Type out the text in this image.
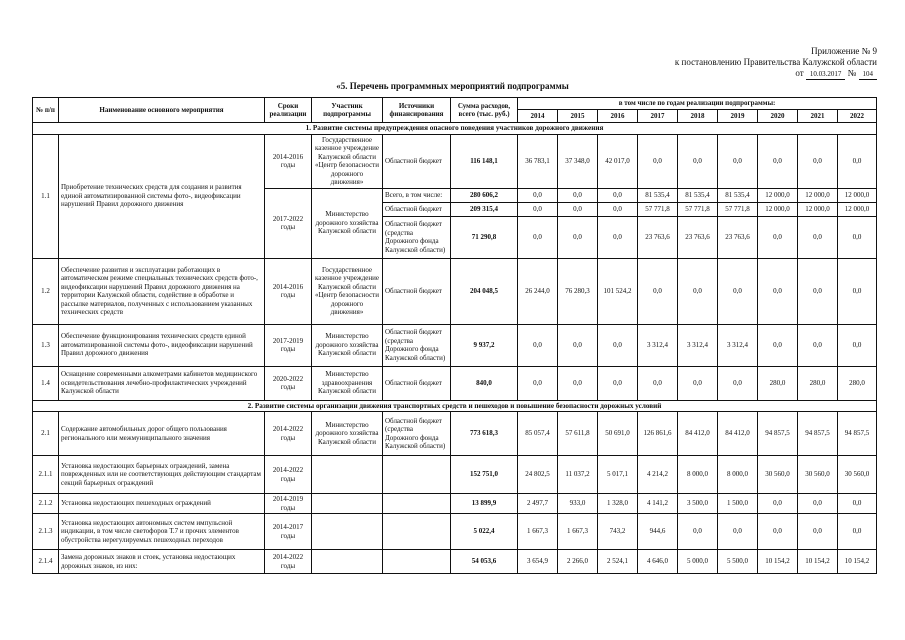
Приложение № 9
к постановлению Правительства Калужской области
от 10.03.2017 № 104
«5. Перечень программных мероприятий подпрограммы
№ п/п	Наименование основного мероприятия	Сроки реализации	Участник подпрограммы	Источники финансирования	Сумма расходов, всего (тыс. руб.)	в том числе по годам реализации подпрограммы:								
						2014	2015	2016	2017	2018	2019	2020	2021	2022
1. Развитие системы предупреждения опасного поведения участников дорожного движения														
1.1	Приобретение технических средств для создания и развития единой автоматизированной системы фото-, видеофиксации нарушений Правил дорожного движения	2014-2016 годы	Государственное казенное учреждение Калужской области «Центр безопасности дорожного движения»	Областной бюджет	116 148,1	36 783,1	37 348,0	42 017,0	0,0	0,0	0,0	0,0	0,0	0,0
		2017-2022 годы	Министерство дорожного хозяйства Калужской области	Всего, в том числе:	280 606,2	0,0	0,0	0,0	81 535,4	81 535,4	81 535,4	12 000,0	12 000,0	12 000,0
				Областной бюджет	209 315,4	0,0	0,0	0,0	57 771,8	57 771,8	57 771,8	12 000,0	12 000,0	12 000,0
				Областной бюджет (средства Дорожного фонда Калужской области)	71 290,8	0,0	0,0	0,0	23 763,6	23 763,6	23 763,6	0,0	0,0	0,0
1.2	Обеспечение развития и эксплуатации работающих в автоматическом режиме специальных технических средств фото-, видеофиксации нарушений Правил дорожного движения на территории Калужской области, содействие в обработке и рассылке материалов, полученных с использованием указанных технических средств	2014-2016 годы	Государственное казенное учреждение Калужской области «Центр безопасности дорожного движения»	Областной бюджет	204 048,5	26 244,0	76 280,3	101 524,2	0,0	0,0	0,0	0,0	0,0	0,0
1.3	Обеспечение функционирования технических средств единой автоматизированной системы фото-, видеофиксации нарушений Правил дорожного движения	2017-2019 годы	Министерство дорожного хозяйства Калужской области	Областной бюджет (средства Дорожного фонда Калужской области)	9 937,2	0,0	0,0	0,0	3 312,4	3 312,4	3 312,4	0,0	0,0	0,0
1.4	Оснащение современными алкометрами кабинетов медицинского освидетельствования лечебно-профилактических учреждений Калужской области	2020-2022 годы	Министерство здравоохранения Калужской области	Областной бюджет	840,0	0,0	0,0	0,0	0,0	0,0	0,0	280,0	280,0	280,0
2. Развитие системы организации движения транспортных средств и пешеходов и повышение безопасности дорожных условий														
2.1	Содержание автомобильных дорог общего пользования регионального или межмуниципального значения	2014-2022 годы	Министерство дорожного хозяйства Калужской области	Областной бюджет (средства Дорожного фонда Калужской области)	773 618,3	85 057,4	57 611,8	50 691,0	126 861,6	84 412,0	84 412,0	94 857,5	94 857,5	94 857,5
2.1.1	Установка недостающих барьерных ограждений, замена поврежденных или не соответствующих действующим стандартам секций барьерных ограждений	2014-2022 годы			152 751,0	24 802,5	11 037,2	5 017,1	4 214,2	8 000,0	8 000,0	30 560,0	30 560,0	30 560,0
2.1.2	Установка недостающих пешеходных ограждений	2014-2019 годы			13 899,9	2 497,7	933,0	1 328,0	4 141,2	3 500,0	1 500,0	0,0	0,0	0,0
2.1.3	Установка недостающих автономных систем импульсной индикации, в том числе светофоров Т.7 и прочих элементов обустройства нерегулируемых пешеходных переходов	2014-2017 годы			5 022,4	1 667,3	1 667,3	743,2	944,6	0,0	0,0	0,0	0,0	0,0
2.1.4	Замена дорожных знаков и стоек, установка недостающих дорожных знаков, из них:	2014-2022 годы			54 053,6	3 654,9	2 266,0	2 524,1	4 646,0	5 000,0	5 500,0	10 154,2	10 154,2	10 154,2
